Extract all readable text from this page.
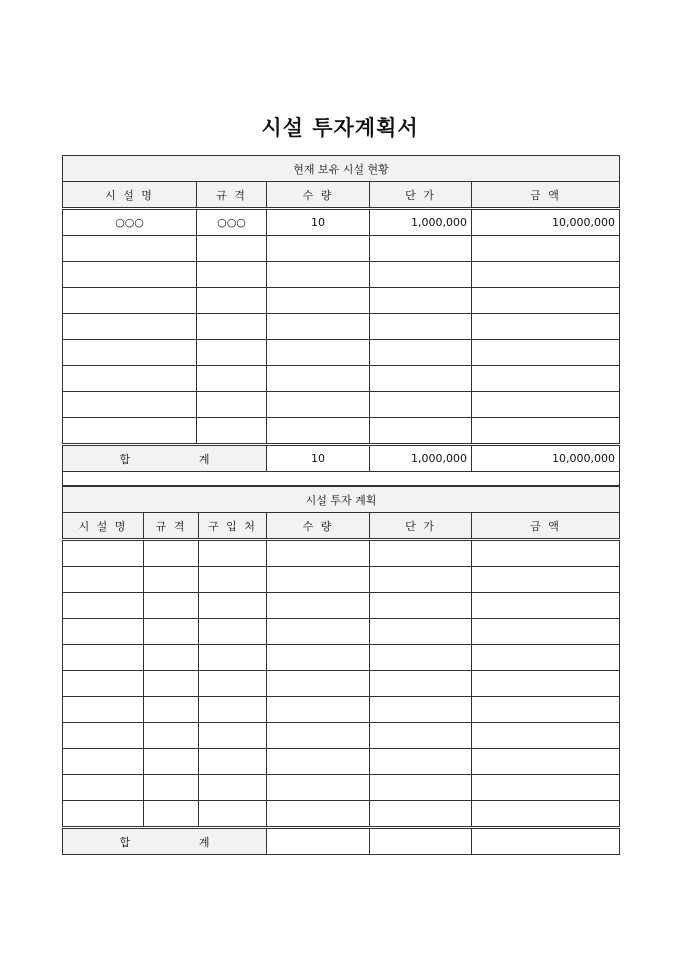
시설 투자계획서
현재 보유 시설 현황				
시 설 명	규 격	수 량	단 가	금 액
○○○	○○○	10	1,000,000	10,000,000

합 계		10	1,000,000	10,000,000

시설 투자 계획					
시 설 명	규 격	구 입 처	수 량	단 가	금 액

합 계					
